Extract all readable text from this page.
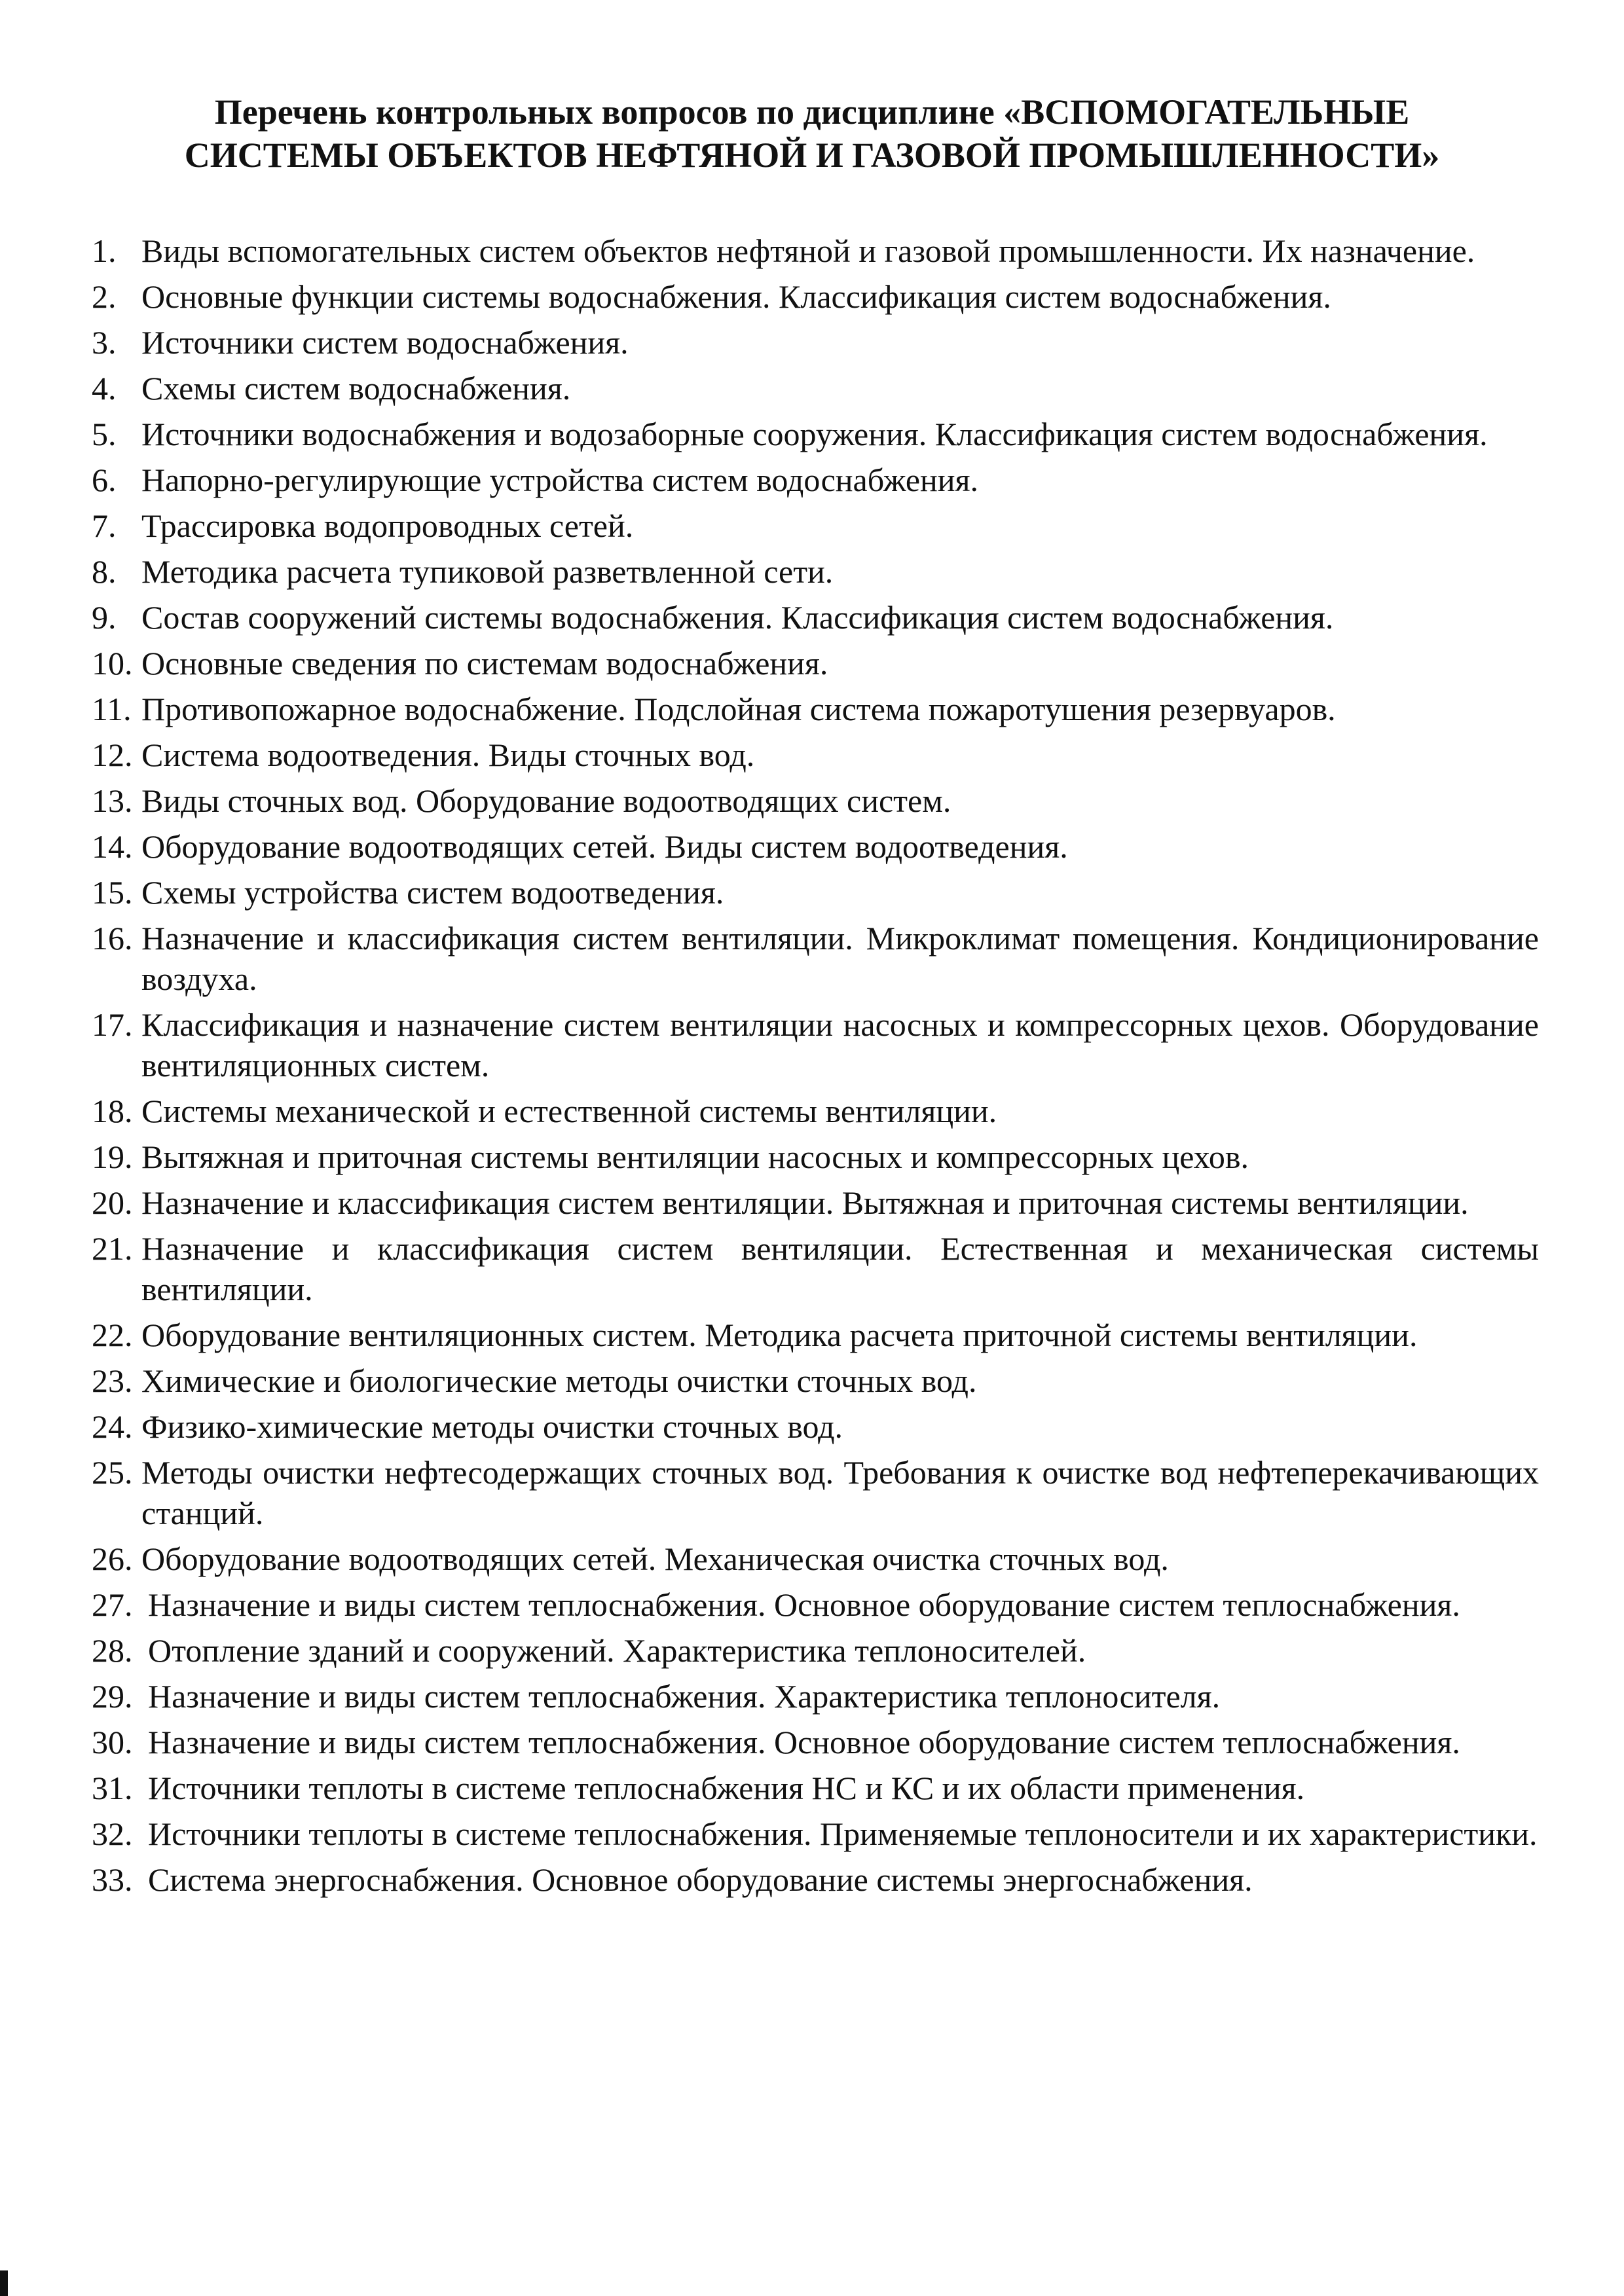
Перечень контрольных вопросов по дисциплине «ВСПОМОГАТЕЛЬНЫЕ
СИСТЕМЫ ОБЪЕКТОВ НЕФТЯНОЙ И ГАЗОВОЙ ПРОМЫШЛЕННОСТИ»
1. Виды вспомогательных систем объектов нефтяной и газовой промышленности. Их назначение.
2. Основные функции системы водоснабжения. Классификация систем водоснабжения.
3. Источники систем водоснабжения.
4. Схемы систем водоснабжения.
5. Источники водоснабжения и водозаборные сооружения. Классификация систем водоснабжения.
6. Напорно-регулирующие устройства систем водоснабжения.
7. Трассировка водопроводных сетей.
8. Методика расчета тупиковой разветвленной сети.
9. Состав сооружений системы водоснабжения. Классификация систем водоснабжения.
10. Основные сведения по системам водоснабжения.
11. Противопожарное водоснабжение. Подслойная система пожаротушения резервуаров.
12. Система водоотведения. Виды сточных вод.
13. Виды сточных вод. Оборудование водоотводящих систем.
14. Оборудование водоотводящих сетей. Виды систем водоотведения.
15. Схемы устройства систем водоотведения.
16. Назначение и классификация систем вентиляции. Микроклимат помещения. Кондиционирование воздуха.
17. Классификация и назначение систем вентиляции насосных и компрессорных цехов. Оборудование вентиляционных систем.
18. Системы механической и естественной системы вентиляции.
19. Вытяжная и приточная системы вентиляции насосных и компрессорных цехов.
20. Назначение и классификация систем вентиляции. Вытяжная и приточная системы вентиляции.
21. Назначение и классификация систем вентиляции. Естественная и механическая системы вентиляции.
22. Оборудование вентиляционных систем. Методика расчета приточной системы вентиляции.
23. Химические и биологические методы очистки сточных вод.
24. Физико-химические методы очистки сточных вод.
25. Методы очистки нефтесодержащих сточных вод. Требования к очистке вод нефтеперекачивающих станций.
26. Оборудование водоотводящих сетей. Механическая очистка сточных вод.
27. Назначение и виды систем теплоснабжения. Основное оборудование систем теплоснабжения.
28. Отопление зданий и сооружений. Характеристика теплоносителей.
29. Назначение и виды систем теплоснабжения. Характеристика теплоносителя.
30. Назначение и виды систем теплоснабжения. Основное оборудование систем теплоснабжения.
31. Источники теплоты в системе теплоснабжения НС и КС и их области применения.
32. Источники теплоты в системе теплоснабжения. Применяемые теплоносители и их характеристики.
33. Система энергоснабжения. Основное оборудование системы энергоснабжения.
